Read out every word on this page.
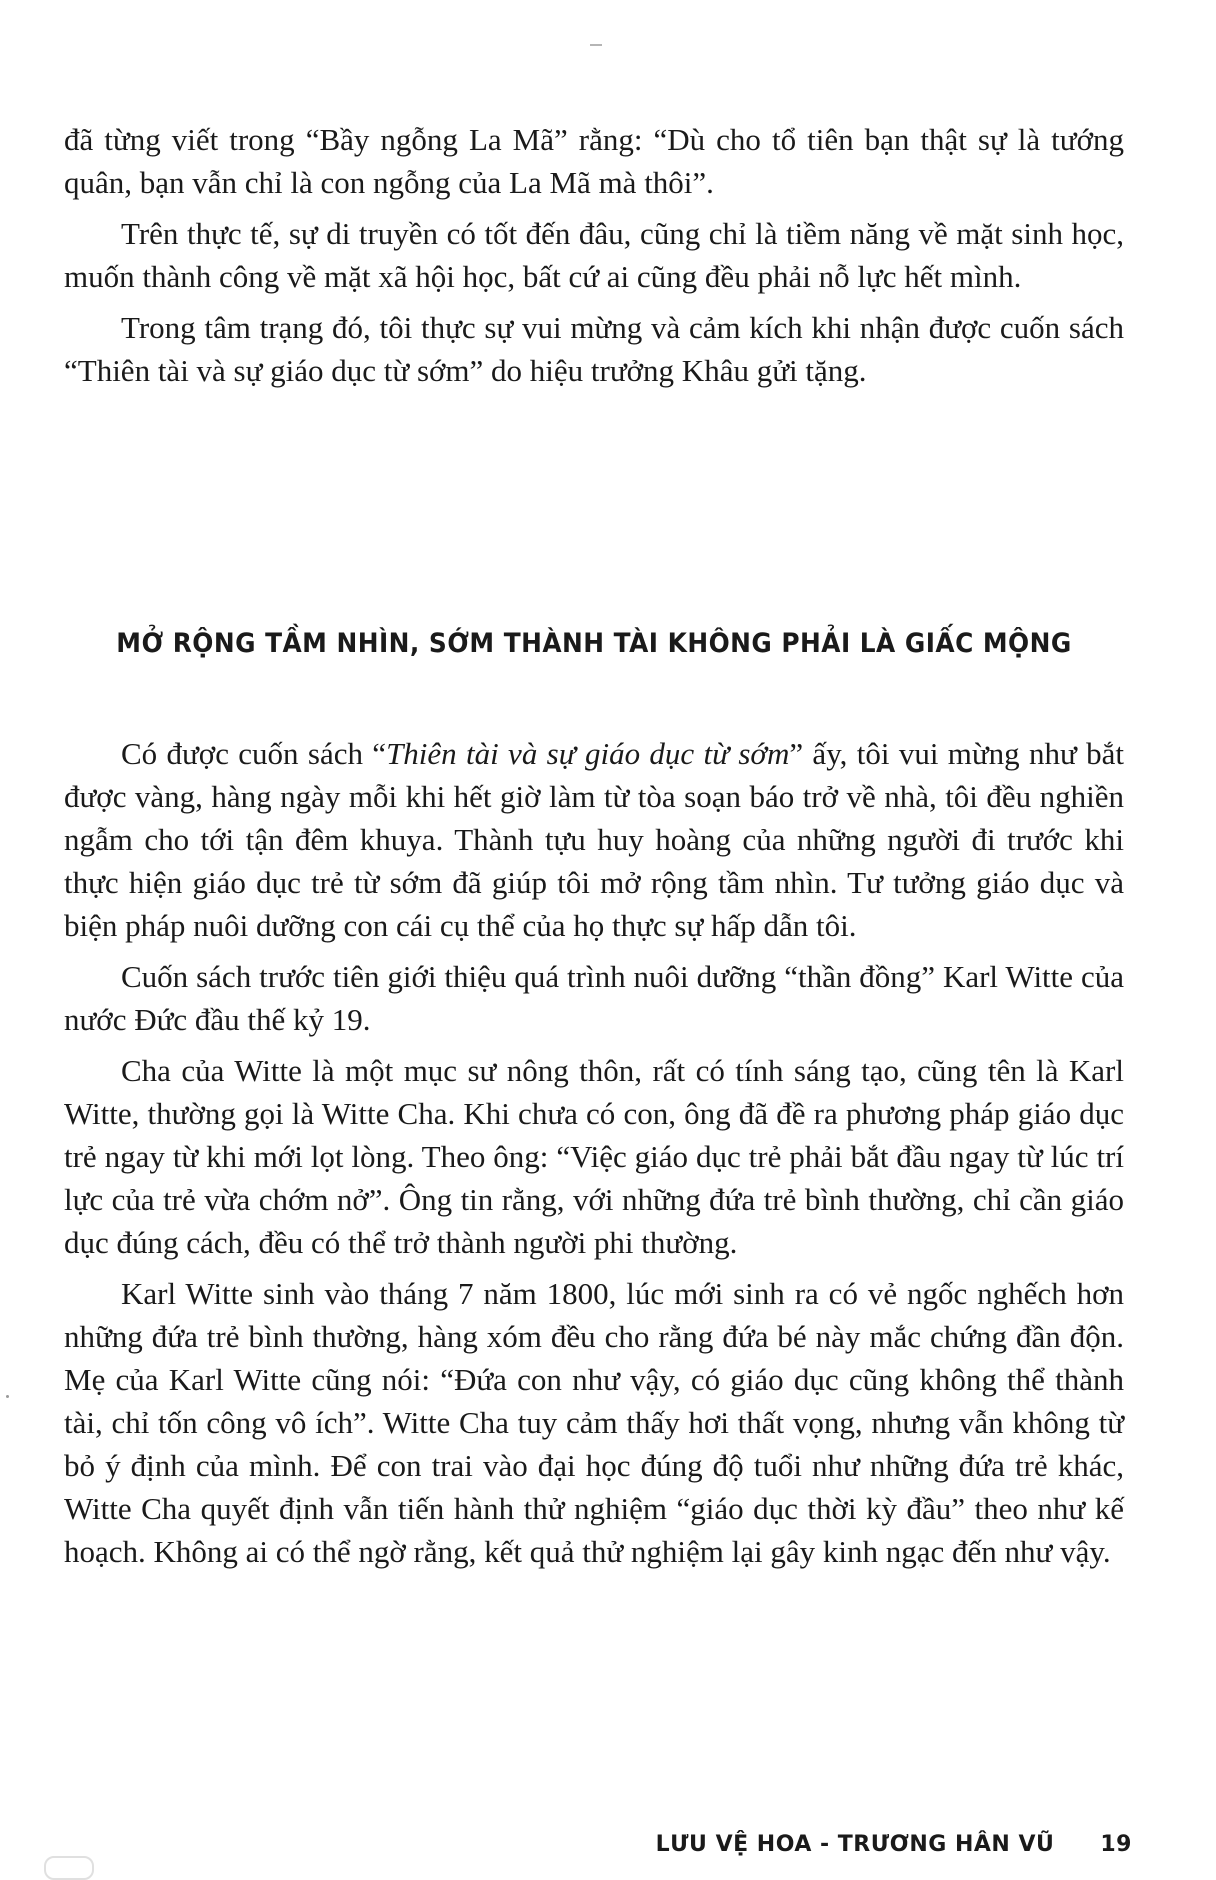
đã từng viết trong “Bầy ngỗng La Mã” rằng: “Dù cho tổ tiên bạn thật sự là tướng quân, bạn vẫn chỉ là con ngỗng của La Mã mà thôi”.

Trên thực tế, sự di truyền có tốt đến đâu, cũng chỉ là tiềm năng về mặt sinh học, muốn thành công về mặt xã hội học, bất cứ ai cũng đều phải nỗ lực hết mình.

Trong tâm trạng đó, tôi thực sự vui mừng và cảm kích khi nhận được cuốn sách “Thiên tài và sự giáo dục từ sớm” do hiệu trưởng Khâu gửi tặng.

MỞ RỘNG TẦM NHÌN, SỚM THÀNH TÀI KHÔNG PHẢI LÀ GIẤC MỘNG

Có được cuốn sách “Thiên tài và sự giáo dục từ sớm” ấy, tôi vui mừng như bắt được vàng, hàng ngày mỗi khi hết giờ làm từ tòa soạn báo trở về nhà, tôi đều nghiền ngẫm cho tới tận đêm khuya. Thành tựu huy hoàng của những người đi trước khi thực hiện giáo dục trẻ từ sớm đã giúp tôi mở rộng tầm nhìn. Tư tưởng giáo dục và biện pháp nuôi dưỡng con cái cụ thể của họ thực sự hấp dẫn tôi.

Cuốn sách trước tiên giới thiệu quá trình nuôi dưỡng “thần đồng” Karl Witte của nước Đức đầu thế kỷ 19.

Cha của Witte là một mục sư nông thôn, rất có tính sáng tạo, cũng tên là Karl Witte, thường gọi là Witte Cha. Khi chưa có con, ông đã đề ra phương pháp giáo dục trẻ ngay từ khi mới lọt lòng. Theo ông: “Việc giáo dục trẻ phải bắt đầu ngay từ lúc trí lực của trẻ vừa chớm nở”. Ông tin rằng, với những đứa trẻ bình thường, chỉ cần giáo dục đúng cách, đều có thể trở thành người phi thường.

Karl Witte sinh vào tháng 7 năm 1800, lúc mới sinh ra có vẻ ngốc nghếch hơn những đứa trẻ bình thường, hàng xóm đều cho rằng đứa bé này mắc chứng đần độn. Mẹ của Karl Witte cũng nói: “Đứa con như vậy, có giáo dục cũng không thể thành tài, chỉ tốn công vô ích”. Witte Cha tuy cảm thấy hơi thất vọng, nhưng vẫn không từ bỏ ý định của mình. Để con trai vào đại học đúng độ tuổi như những đứa trẻ khác, Witte Cha quyết định vẫn tiến hành thử nghiệm “giáo dục thời kỳ đầu” theo như kế hoạch. Không ai có thể ngờ rằng, kết quả thử nghiệm lại gây kinh ngạc đến như vậy.

LƯU VỆ HOA - TRƯƠNG HÂN VŨ 19
